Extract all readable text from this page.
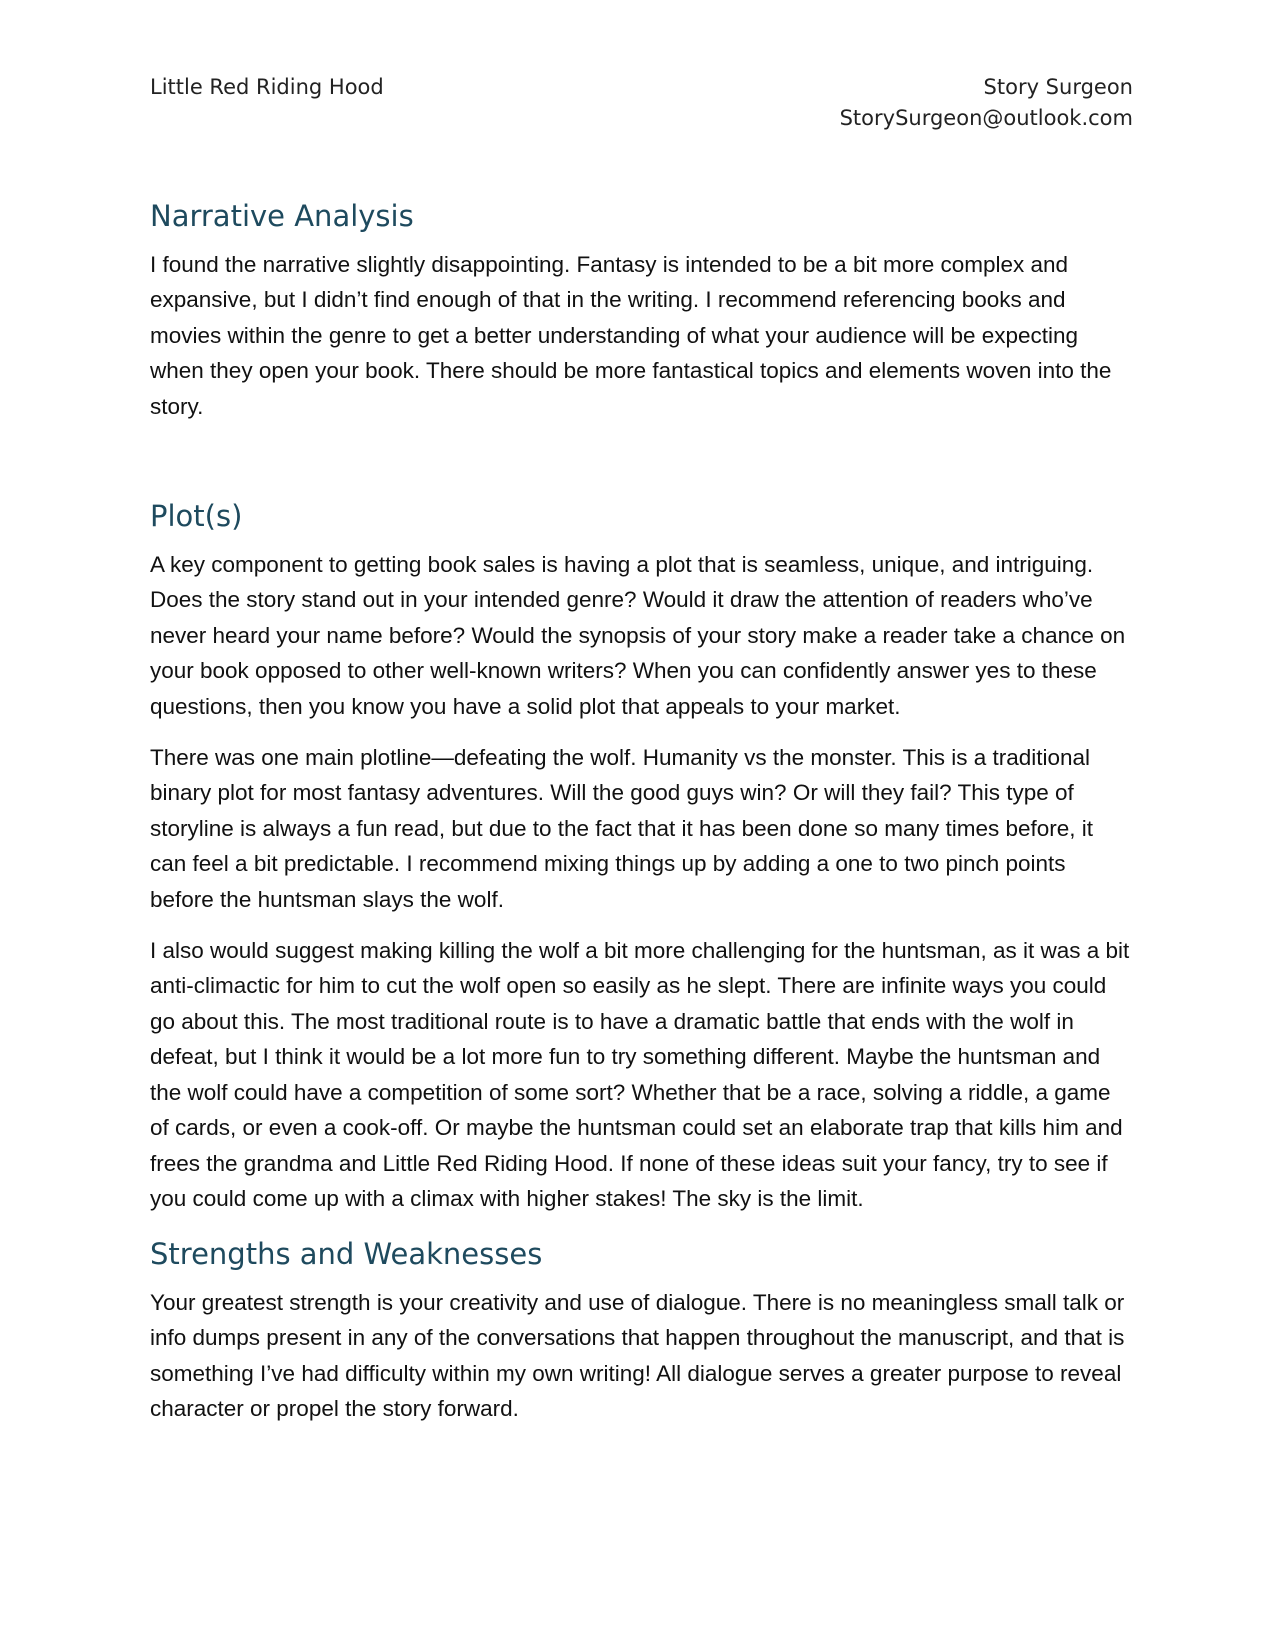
Little Red Riding Hood	Story Surgeon
StorySurgeon@outlook.com
Narrative Analysis

I found the narrative slightly disappointing. Fantasy is intended to be a bit more complex and expansive, but I didn’t find enough of that in the writing. I recommend referencing books and movies within the genre to get a better understanding of what your audience will be expecting when they open your book. There should be more fantastical topics and elements woven into the story.

Plot(s)

A key component to getting book sales is having a plot that is seamless, unique, and intriguing. Does the story stand out in your intended genre? Would it draw the attention of readers who’ve never heard your name before? Would the synopsis of your story make a reader take a chance on your book opposed to other well-known writers? When you can confidently answer yes to these questions, then you know you have a solid plot that appeals to your market.

There was one main plotline—defeating the wolf. Humanity vs the monster. This is a traditional binary plot for most fantasy adventures. Will the good guys win? Or will they fail? This type of storyline is always a fun read, but due to the fact that it has been done so many times before, it can feel a bit predictable. I recommend mixing things up by adding a one to two pinch points before the huntsman slays the wolf.

I also would suggest making killing the wolf a bit more challenging for the huntsman, as it was a bit anti-climactic for him to cut the wolf open so easily as he slept. There are infinite ways you could go about this. The most traditional route is to have a dramatic battle that ends with the wolf in defeat, but I think it would be a lot more fun to try something different. Maybe the huntsman and the wolf could have a competition of some sort? Whether that be a race, solving a riddle, a game of cards, or even a cook-off. Or maybe the huntsman could set an elaborate trap that kills him and frees the grandma and Little Red Riding Hood. If none of these ideas suit your fancy, try to see if you could come up with a climax with higher stakes! The sky is the limit.

Strengths and Weaknesses

Your greatest strength is your creativity and use of dialogue. There is no meaningless small talk or info dumps present in any of the conversations that happen throughout the manuscript, and that is something I’ve had difficulty within my own writing! All dialogue serves a greater purpose to reveal character or propel the story forward.
